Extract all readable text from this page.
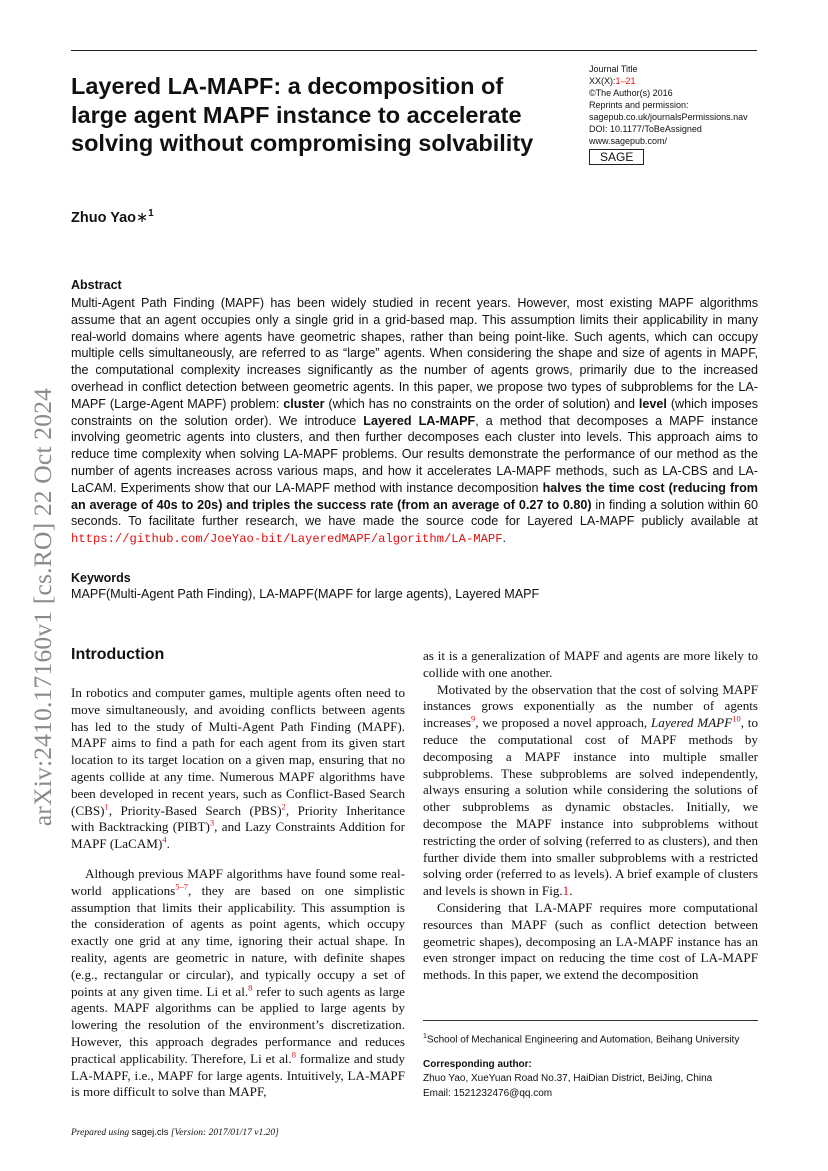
arXiv:2410.17160v1 [cs.RO] 22 Oct 2024
Layered LA-MAPF: a decomposition of large agent MAPF instance to accelerate solving without compromising solvability
Journal Title
XX(X):1–21
©The Author(s) 2016
Reprints and permission:
sagepub.co.uk/journalsPermissions.nav
DOI: 10.1177/ToBeAssigned
www.sagepub.com/
SAGE
Zhuo Yao∗$^1$
Abstract

Multi-Agent Path Finding (MAPF) has been widely studied in recent years. However, most existing MAPF algorithms assume that an agent occupies only a single grid in a grid-based map. This assumption limits their applicability in many real-world domains where agents have geometric shapes, rather than being point-like. Such agents, which can occupy multiple cells simultaneously, are referred to as “large” agents. When considering the shape and size of agents in MAPF, the computational complexity increases significantly as the number of agents grows, primarily due to the increased overhead in conflict detection between geometric agents. In this paper, we propose two types of subproblems for the LA-MAPF (Large-Agent MAPF) problem: cluster (which has no constraints on the order of solution) and level (which imposes constraints on the solution order). We introduce Layered LA-MAPF, a method that decomposes a MAPF instance involving geometric agents into clusters, and then further decomposes each cluster into levels. This approach aims to reduce time complexity when solving LA-MAPF problems. Our results demonstrate the performance of our method as the number of agents increases across various maps, and how it accelerates LA-MAPF methods, such as LA-CBS and LA-LaCAM. Experiments show that our LA-MAPF method with instance decomposition halves the time cost (reducing from an average of 40s to 20s) and triples the success rate (from an average of 0.27 to 0.80) in finding a solution within 60 seconds. To facilitate further research, we have made the source code for Layered LA-MAPF publicly available at https://github.com/JoeYao-bit/LayeredMAPF/algorithm/LA-MAPF.

Keywords
MAPF(Multi-Agent Path Finding), LA-MAPF(MAPF for large agents), Layered MAPF
Introduction

In robotics and computer games, multiple agents often need to move simultaneously, and avoiding conflicts between agents has led to the study of Multi-Agent Path Finding (MAPF). MAPF aims to find a path for each agent from its given start location to its target location on a given map, ensuring that no agents collide at any time. Numerous MAPF algorithms have been developed in recent years, such as Conflict-Based Search (CBS)$^1$, Priority-Based Search (PBS)$^2$, Priority Inheritance with Backtracking (PIBT)$^3$, and Lazy Constraints Addition for MAPF (LaCAM)$^4$.

Although previous MAPF algorithms have found some real-world applications$^{5-7}$, they are based on one simplistic assumption that limits their applicability. This assumption is the consideration of agents as point agents, which occupy exactly one grid at any time, ignoring their actual shape. In reality, agents are geometric in nature, with definite shapes (e.g., rectangular or circular), and typically occupy a set of points at any given time. Li et al.$^8$ refer to such agents as large agents. MAPF algorithms can be applied to large agents by lowering the resolution of the environment’s discretization. However, this approach degrades performance and reduces practical applicability. Therefore, Li et al.$^8$ formalize and study LA-MAPF, i.e., MAPF for large agents. Intuitively, LA-MAPF is more difficult to solve than MAPF,

as it is a generalization of MAPF and agents are more likely to collide with one another.

Motivated by the observation that the cost of solving MAPF instances grows exponentially as the number of agents increases$^9$, we proposed a novel approach, Layered MAPF$^{10}$, to reduce the computational cost of MAPF methods by decomposing a MAPF instance into multiple smaller subproblems. These subproblems are solved independently, always ensuring a solution while considering the solutions of other subproblems as dynamic obstacles. Initially, we decompose the MAPF instance into subproblems without restricting the order of solving (referred to as clusters), and then further divide them into smaller subproblems with a restricted solving order (referred to as levels). A brief example of clusters and levels is shown in Fig.1.

Considering that LA-MAPF requires more computational resources than MAPF (such as conflict detection between geometric shapes), decomposing an LA-MAPF instance has an even stronger impact on reducing the time cost of LA-MAPF methods. In this paper, we extend the decomposition

$^1$School of Mechanical Engineering and Automation, Beihang University
Corresponding author:
Zhuo Yao, XueYuan Road No.37, HaiDian District, BeiJing, China
Email: 1521232476@qq.com
Prepared using sagej.cls [Version: 2017/01/17 v1.20]
